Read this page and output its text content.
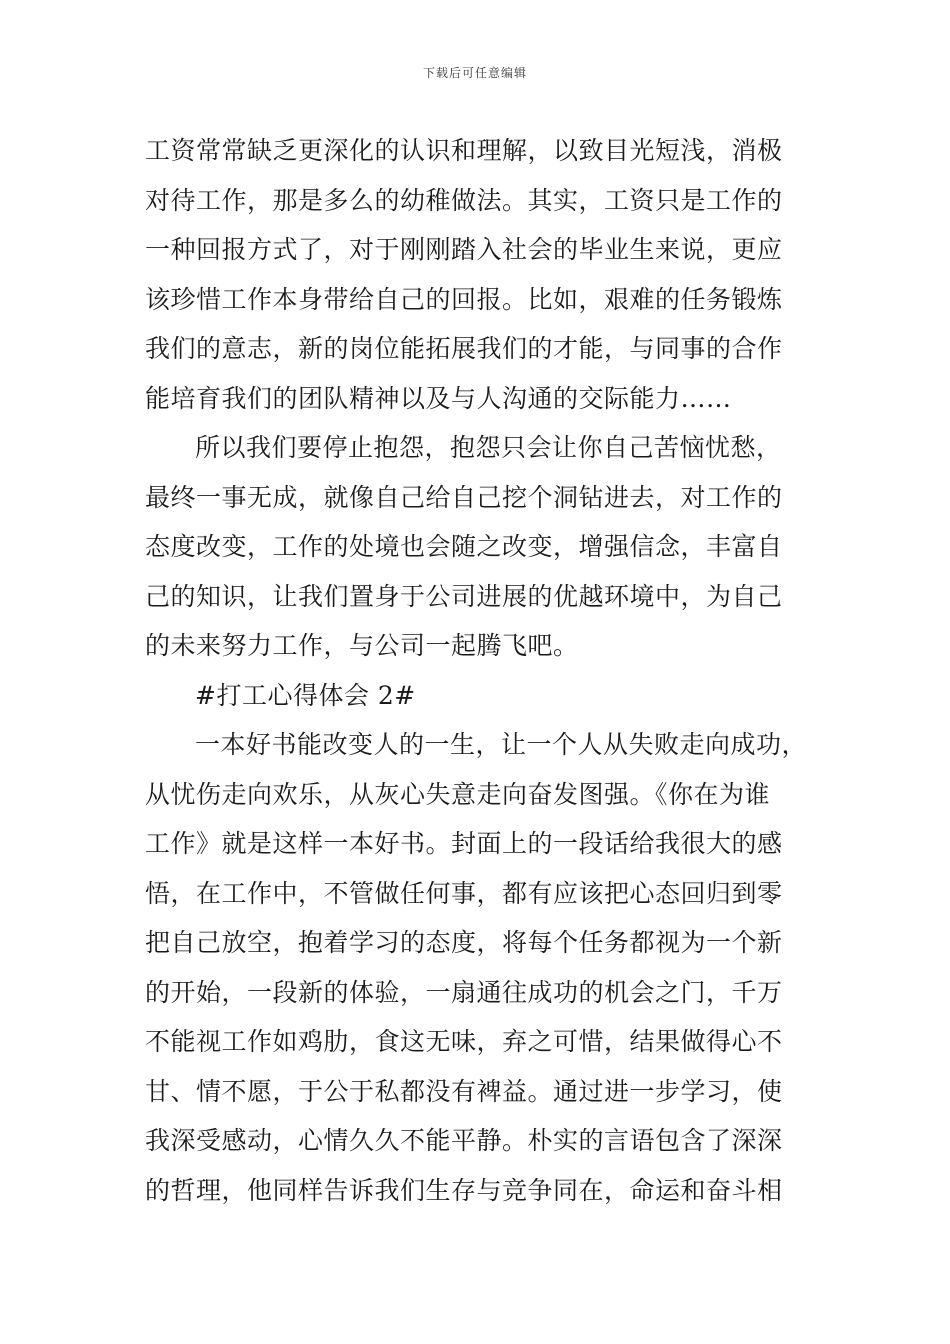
下载后可任意编辑
工资常常缺乏更深化的认识和理解，以致目光短浅，消极
对待工作，那是多么的幼稚做法。其实，工资只是工作的
一种回报方式了，对于刚刚踏入社会的毕业生来说，更应
该珍惜工作本身带给自己的回报。比如，艰难的任务锻炼
我们的意志，新的岗位能拓展我们的才能，与同事的合作
能培育我们的团队精神以及与人沟通的交际能力……
所以我们要停止抱怨，抱怨只会让你自己苦恼忧愁，
最终一事无成，就像自己给自己挖个洞钻进去，对工作的
态度改变，工作的处境也会随之改变，增强信念，丰富自
己的知识，让我们置身于公司进展的优越环境中，为自己
的未来努力工作，与公司一起腾飞吧。
#打工心得体会 2#
一本好书能改变人的一生，让一个人从失败走向成功，
从忧伤走向欢乐，从灰心失意走向奋发图强。《你在为谁
工作》就是这样一本好书。封面上的一段话给我很大的感
悟，在工作中，不管做任何事，都有应该把心态回归到零
把自己放空，抱着学习的态度，将每个任务都视为一个新
的开始，一段新的体验，一扇通往成功的机会之门，千万
不能视工作如鸡肋，食这无味，弃之可惜，结果做得心不
甘、情不愿，于公于私都没有裨益。通过进一步学习，使
我深受感动，心情久久不能平静。朴实的言语包含了深深
的哲理，他同样告诉我们生存与竞争同在，命运和奋斗相
